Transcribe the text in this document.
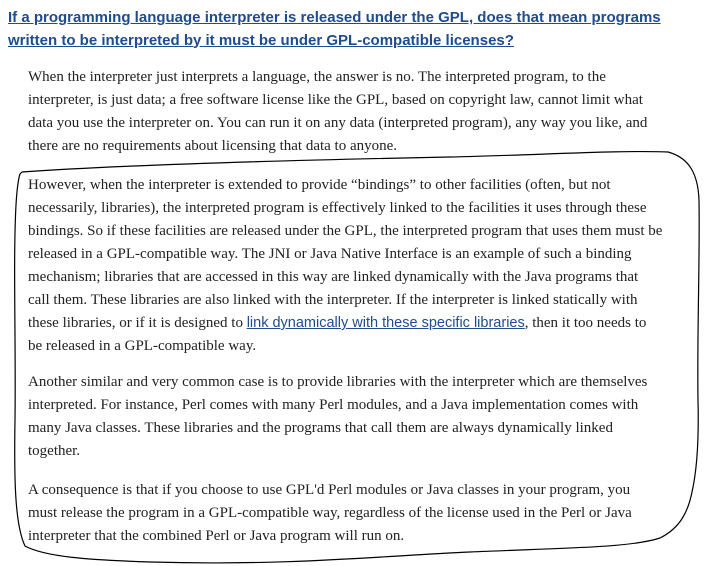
If a programming language interpreter is released under the GPL, does that mean programs
written to be interpreted by it must be under GPL-compatible licenses?
When the interpreter just interprets a language, the answer is no. The interpreted program, to the
interpreter, is just data; a free software license like the GPL, based on copyright law, cannot limit what
data you use the interpreter on. You can run it on any data (interpreted program), any way you like, and
there are no requirements about licensing that data to anyone.
However, when the interpreter is extended to provide “bindings” to other facilities (often, but not
necessarily, libraries), the interpreted program is effectively linked to the facilities it uses through these
bindings. So if these facilities are released under the GPL, the interpreted program that uses them must be
released in a GPL-compatible way. The JNI or Java Native Interface is an example of such a binding
mechanism; libraries that are accessed in this way are linked dynamically with the Java programs that
call them. These libraries are also linked with the interpreter. If the interpreter is linked statically with
these libraries, or if it is designed to link dynamically with these specific libraries, then it too needs to
be released in a GPL-compatible way.
Another similar and very common case is to provide libraries with the interpreter which are themselves
interpreted. For instance, Perl comes with many Perl modules, and a Java implementation comes with
many Java classes. These libraries and the programs that call them are always dynamically linked
together.
A consequence is that if you choose to use GPL'd Perl modules or Java classes in your program, you
must release the program in a GPL-compatible way, regardless of the license used in the Perl or Java
interpreter that the combined Perl or Java program will run on.
